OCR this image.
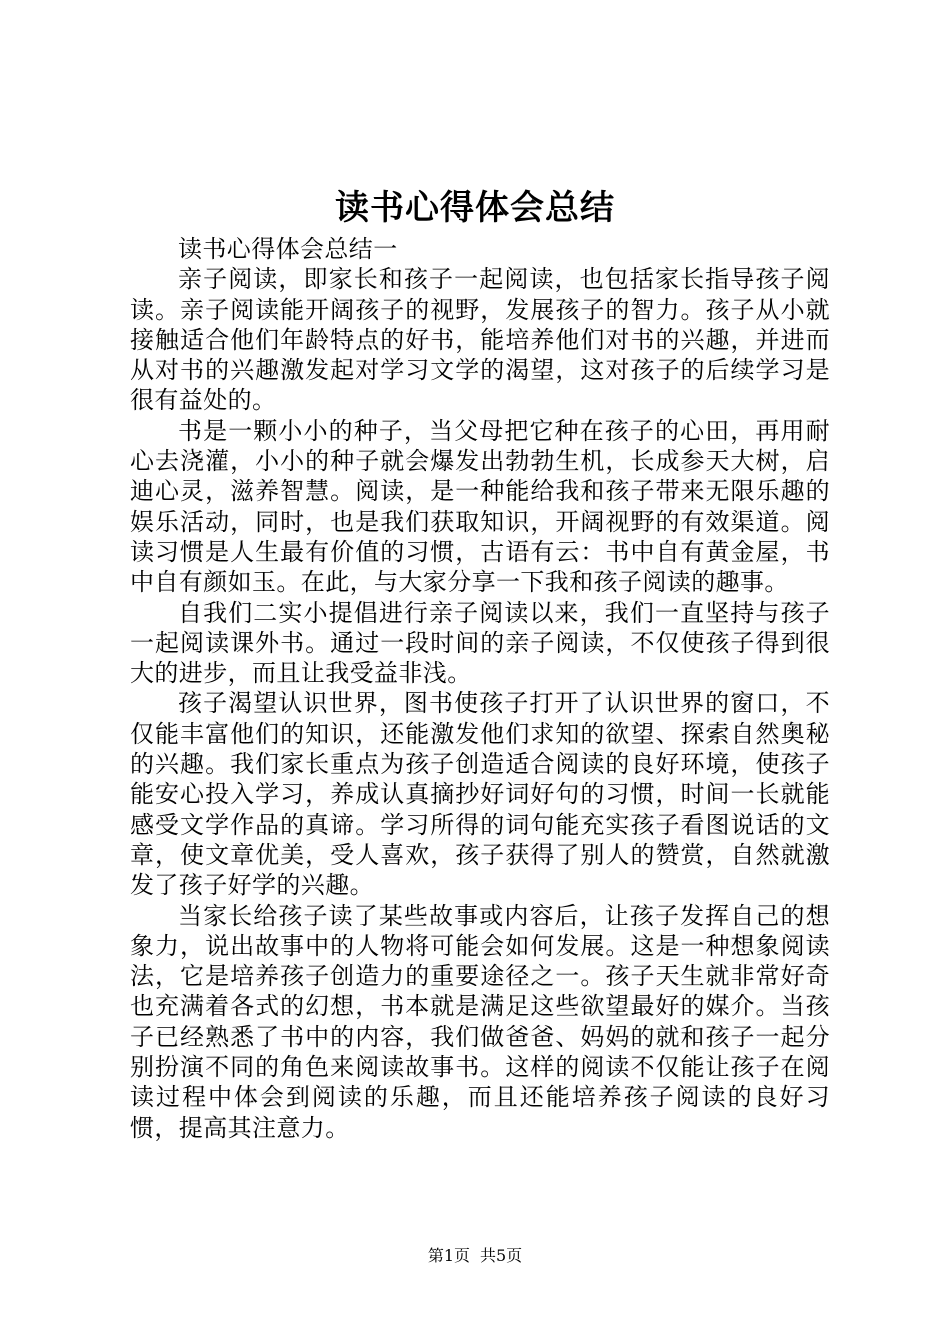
读书心得体会总结

读书心得体会总结一

亲子阅读，即家长和孩子一起阅读，也包括家长指导孩子阅读。亲子阅读能开阔孩子的视野，发展孩子的智力。孩子从小就接触适合他们年龄特点的好书，能培养他们对书的兴趣，并进而从对书的兴趣激发起对学习文学的渴望，这对孩子的后续学习是很有益处的。

书是一颗小小的种子，当父母把它种在孩子的心田，再用耐心去浇灌，小小的种子就会爆发出勃勃生机，长成参天大树，启迪心灵，滋养智慧。阅读，是一种能给我和孩子带来无限乐趣的娱乐活动，同时，也是我们获取知识，开阔视野的有效渠道。阅读习惯是人生最有价值的习惯，古语有云：书中自有黄金屋，书中自有颜如玉。在此，与大家分享一下我和孩子阅读的趣事。

自我们二实小提倡进行亲子阅读以来，我们一直坚持与孩子一起阅读课外书。通过一段时间的亲子阅读，不仅使孩子得到很大的进步，而且让我受益非浅。

孩子渴望认识世界，图书使孩子打开了认识世界的窗口，不仅能丰富他们的知识，还能激发他们求知的欲望、探索自然奥秘的兴趣。我们家长重点为孩子创造适合阅读的良好环境，使孩子能安心投入学习，养成认真摘抄好词好句的习惯，时间一长就能感受文学作品的真谛。学习所得的词句能充实孩子看图说话的文章，使文章优美，受人喜欢，孩子获得了别人的赞赏，自然就激发了孩子好学的兴趣。

当家长给孩子读了某些故事或内容后，让孩子发挥自己的想象力，说出故事中的人物将可能会如何发展。这是一种想象阅读法，它是培养孩子创造力的重要途径之一。孩子天生就非常好奇也充满着各式的幻想，书本就是满足这些欲望最好的媒介。当孩子已经熟悉了书中的内容，我们做爸爸、妈妈的就和孩子一起分别扮演不同的角色来阅读故事书。这样的阅读不仅能让孩子在阅读过程中体会到阅读的乐趣，而且还能培养孩子阅读的良好习惯，提高其注意力。

第1页 共5页
